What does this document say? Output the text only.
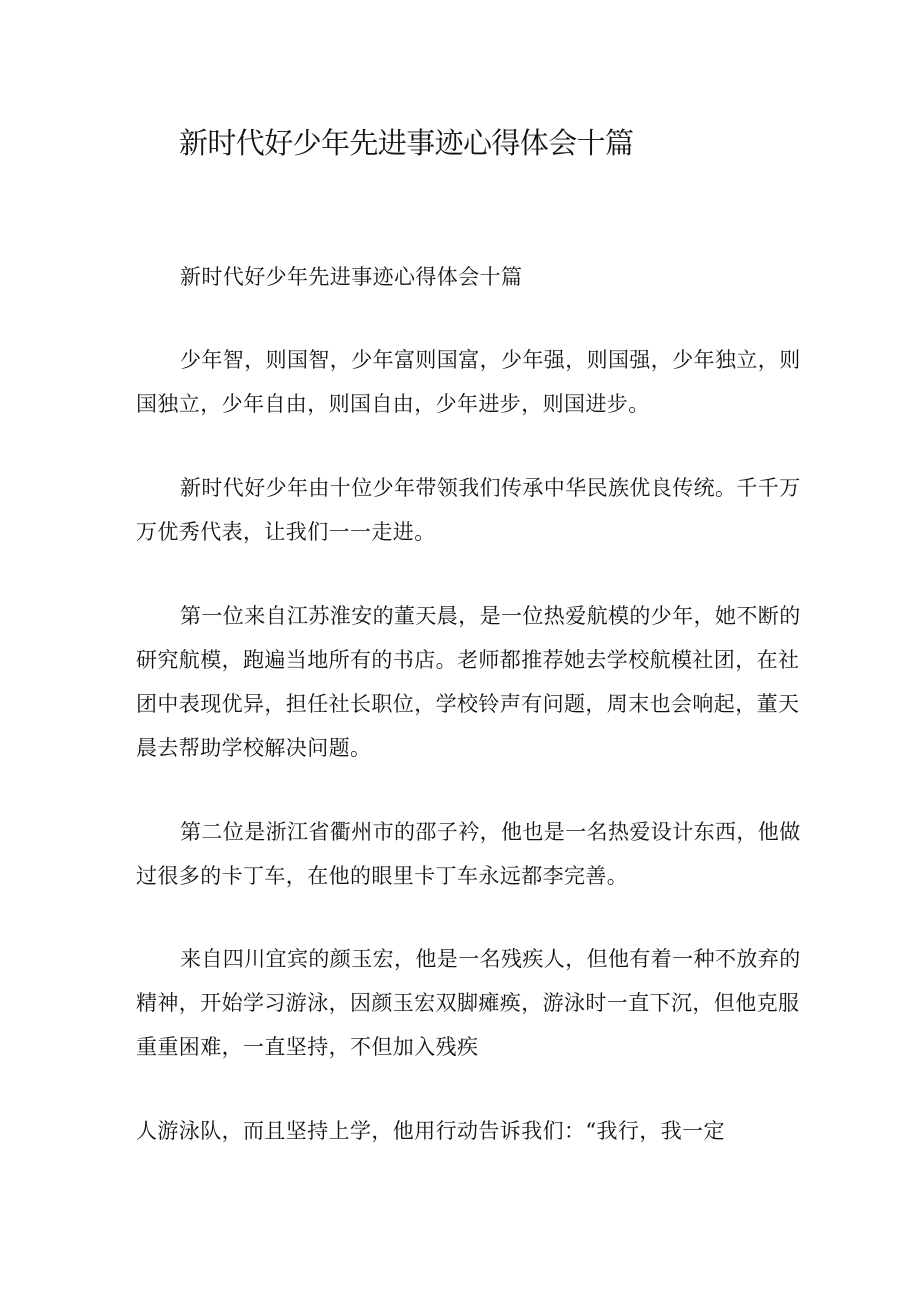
新时代好少年先进事迹心得体会十篇
新时代好少年先进事迹心得体会十篇
少年智，则国智，少年富则国富，少年强，则国强，少年独立，则国独立，少年自由，则国自由，少年进步，则国进步。
新时代好少年由十位少年带领我们传承中华民族优良传统。千千万万优秀代表，让我们一一走进。
第一位来自江苏淮安的董天晨，是一位热爱航模的少年，她不断的研究航模，跑遍当地所有的书店。老师都推荐她去学校航模社团，在社团中表现优异，担任社长职位，学校铃声有问题，周末也会响起，董天晨去帮助学校解决问题。
第二位是浙江省衢州市的邵子衿，他也是一名热爱设计东西，他做过很多的卡丁车，在他的眼里卡丁车永远都李完善。
来自四川宜宾的颜玉宏，他是一名残疾人，但他有着一种不放弃的精神，开始学习游泳，因颜玉宏双脚瘫痪，游泳时一直下沉，但他克服重重困难，一直坚持，不但加入残疾
人游泳队，而且坚持上学，他用行动告诉我们：“我行，我一定
